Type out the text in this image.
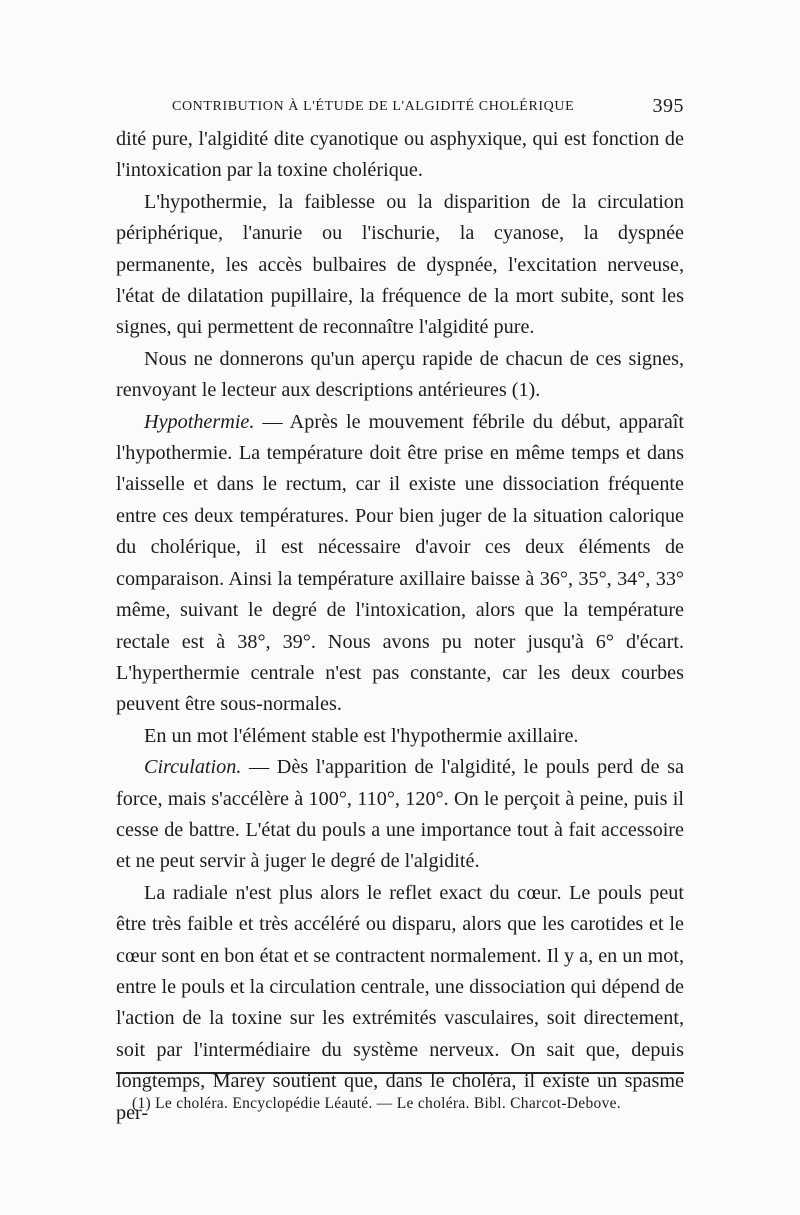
CONTRIBUTION À L'ÉTUDE DE L'ALGIDITÉ CHOLÉRIQUE	395

dité pure, l'algidité dite cyanotique ou asphyxique, qui est fonction de l'intoxication par la toxine cholérique.

L'hypothermie, la faiblesse ou la disparition de la circulation périphérique, l'anurie ou l'ischurie, la cyanose, la dyspnée permanente, les accès bulbaires de dyspnée, l'excitation nerveuse, l'état de dilatation pupillaire, la fréquence de la mort subite, sont les signes, qui permettent de reconnaître l'algidité pure.

Nous ne donnerons qu'un aperçu rapide de chacun de ces signes, renvoyant le lecteur aux descriptions antérieures (1).

Hypothermie. — Après le mouvement fébrile du début, apparaît l'hypothermie. La température doit être prise en même temps et dans l'aisselle et dans le rectum, car il existe une dissociation fréquente entre ces deux températures. Pour bien juger de la situation calorique du cholérique, il est nécessaire d'avoir ces deux éléments de comparaison. Ainsi la température axillaire baisse à 36°, 35°, 34°, 33° même, suivant le degré de l'intoxication, alors que la température rectale est à 38°, 39°. Nous avons pu noter jusqu'à 6° d'écart. L'hyperthermie centrale n'est pas constante, car les deux courbes peuvent être sous-normales.

En un mot l'élément stable est l'hypothermie axillaire.

Circulation. — Dès l'apparition de l'algidité, le pouls perd de sa force, mais s'accélère à 100°, 110°, 120°. On le perçoit à peine, puis il cesse de battre. L'état du pouls a une importance tout à fait accessoire et ne peut servir à juger le degré de l'algidité.

La radiale n'est plus alors le reflet exact du cœur. Le pouls peut être très faible et très accéléré ou disparu, alors que les carotides et le cœur sont en bon état et se contractent normalement. Il y a, en un mot, entre le pouls et la circulation centrale, une dissociation qui dépend de l'action de la toxine sur les extrémités vasculaires, soit directement, soit par l'intermédiaire du système nerveux. On sait que, depuis longtemps, Marey soutient que, dans le choléra, il existe un spasme per-

(1) Le choléra. Encyclopédie Léauté. — Le choléra. Bibl. Charcot-Debove.
